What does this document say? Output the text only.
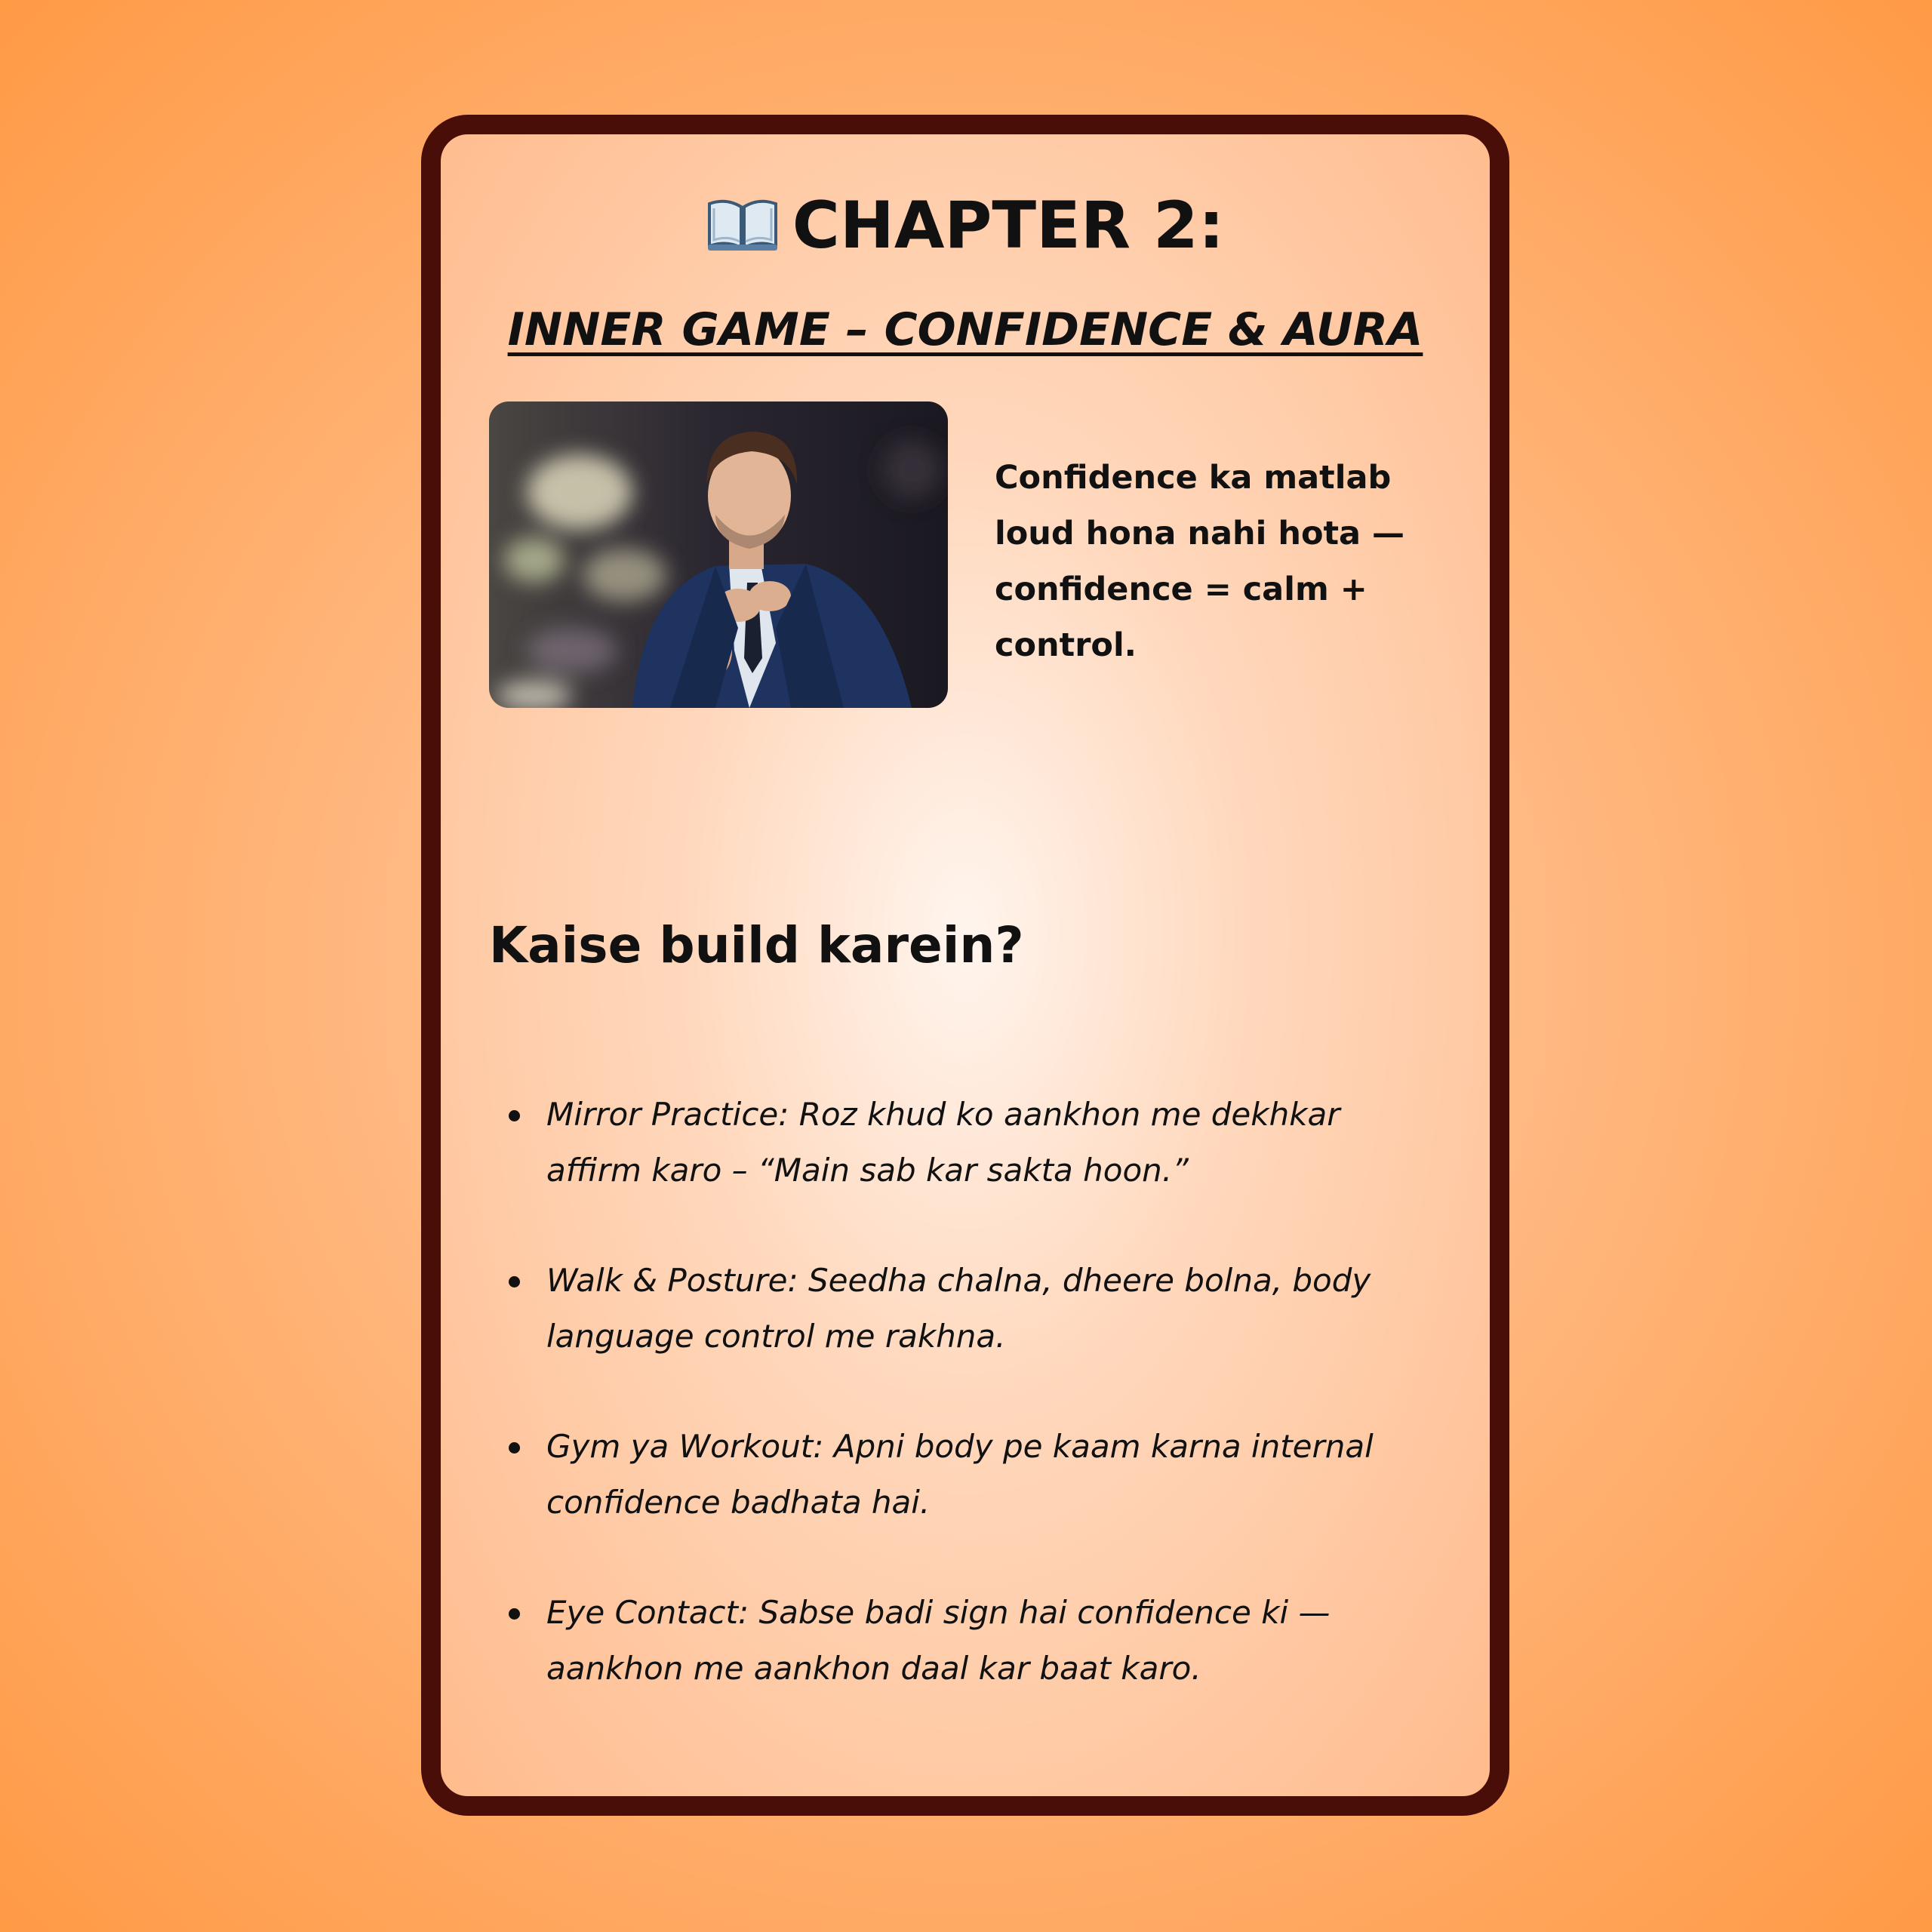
CHAPTER 2:
INNER GAME – CONFIDENCE & AURA
Confidence ka matlab loud hona nahi hota — confidence = calm + control.
Kaise build karein?
Mirror Practice: Roz khud ko aankhon me dekhkar affirm karo – “Main sab kar sakta hoon.”
Walk & Posture: Seedha chalna, dheere bolna, body language control me rakhna.
Gym ya Workout: Apni body pe kaam karna internal confidence badhata hai.
Eye Contact: Sabse badi sign hai confidence ki — aankhon me aankhon daal kar baat karo.
